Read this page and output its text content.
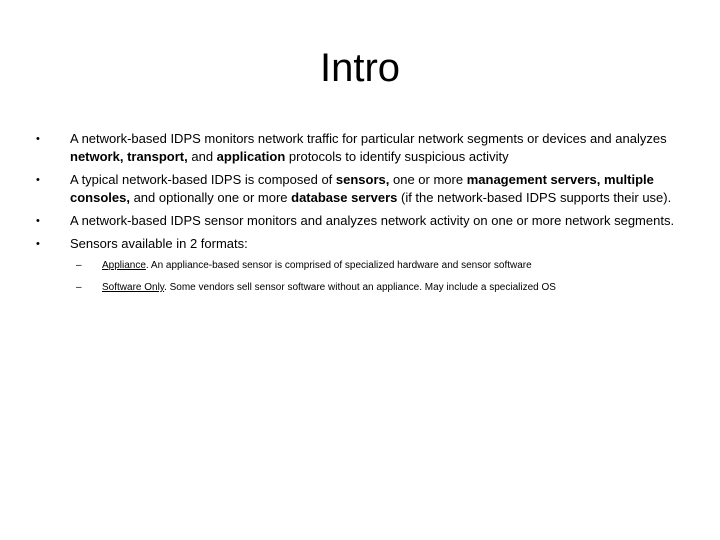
Intro
• A network-based IDPS monitors network traffic for particular network segments or devices and analyzes network, transport, and application protocols to identify suspicious activity
• A typical network-based IDPS is composed of sensors, one or more management servers, multiple consoles, and optionally one or more database servers (if the network-based IDPS supports their use).
• A network-based IDPS sensor monitors and analyzes network activity on one or more network segments.
• Sensors available in 2 formats:
– Appliance. An appliance-based sensor is comprised of specialized hardware and sensor software
– Software Only. Some vendors sell sensor software without an appliance. May include a specialized OS
